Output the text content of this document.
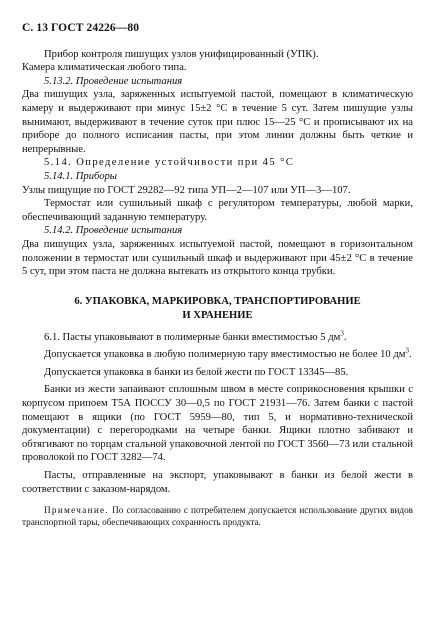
С. 13 ГОСТ 24226—80

Прибор контроля пишущих узлов унифицированный (УПК).

Камера климатическая любого типа.

5.13.2. Проведение испытания

Два пишущих узла, заряженных испытуемой пастой, помещают в климатическую камеру и выдерживают при минус 15±2 °С в течение 5 сут. Затем пишущие узлы вынимают, выдерживают в течение суток при плюс 15—25 °С и прописывают их на приборе до полного исписания пасты, при этом линии должны быть четкие и непрерывные.

5.14. Определение устойчивости при 45 °С

5.14.1. Приборы

Узлы пищущие по ГОСТ 29282—92 типа УП—2—107 или УП—3—107.

Термостат или сушильный шкаф с регулятором температуры, любой марки, обеспечивающий заданную температуру.

5.14.2. Проведение испытания

Два пишущих узла, заряженных испытуемой пастой, помещают в горизонтальном положении в термостат или сушильный шкаф и выдерживают при 45±2 °С в течение 5 сут, при этом паста не должна вытекать из открытого конца трубки.

6. УПАКОВКА, МАРКИРОВКА, ТРАНСПОРТИРОВАНИЕ
И ХРАНЕНИЕ

6.1. Пасты упаковывают в полимерные банки вместимостью 5 $дм^3$.

Допускается упаковка в любую полимерную тару вместимостью не более 10 $дм^3$.

Допускается упаковка в банки из белой жести по ГОСТ 13345—85.

Банки из жести запаивают сплошным швом в месте соприкосновения крышки с корпусом припоем Т5А ПОССУ 30—0,5 по ГОСТ 21931—76. Затем банки с пастой помещают в ящики (по ГОСТ 5959—80, тип 5, и нормативно-технической документации) с перегородками на четыре банки. Ящики плотно забивают и обтягивают по торцам стальной упаковочной лентой по ГОСТ 3560—73 или стальной проволокой по ГОСТ 3282—74.

Пасты, отправленные на экспорт, упаковывают в банки из белой жести в соответствии с заказом-нарядом.

Примечание. По согласованию с потребителем допускается использование других видов транспортной тары, обеспечивающих сохранность продукта.
